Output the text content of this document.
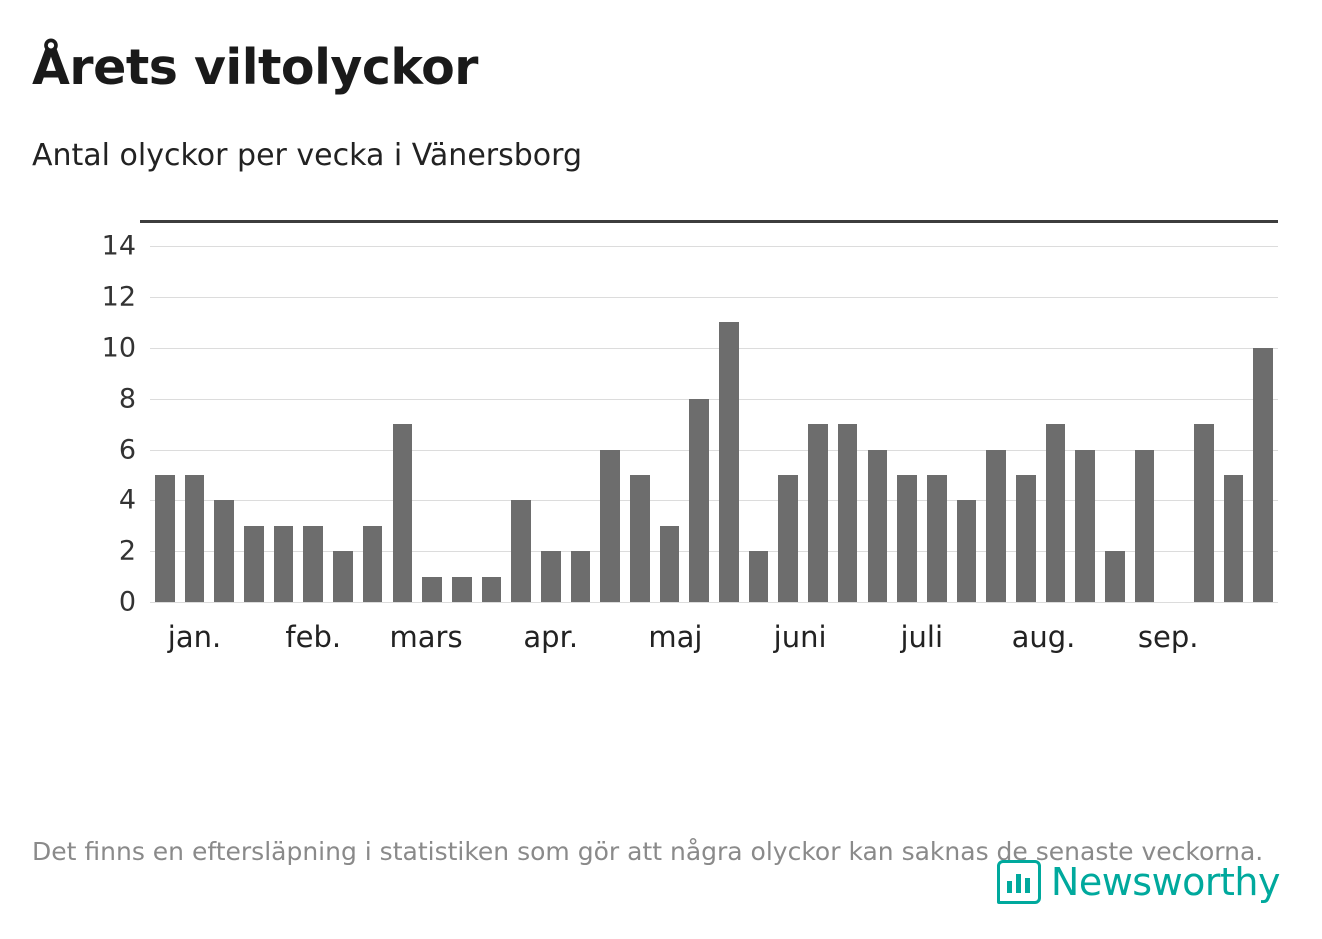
Årets viltolyckor
Antal olyckor per vecka i Vänersborg
0
2
4
6
8
10
12
14
jan. feb. mars apr. maj juni	juli aug. sep.

Det finns en eftersläpning i statistiken som gör att några olyckor kan saknas de senaste veckorna.

Newsworthy
